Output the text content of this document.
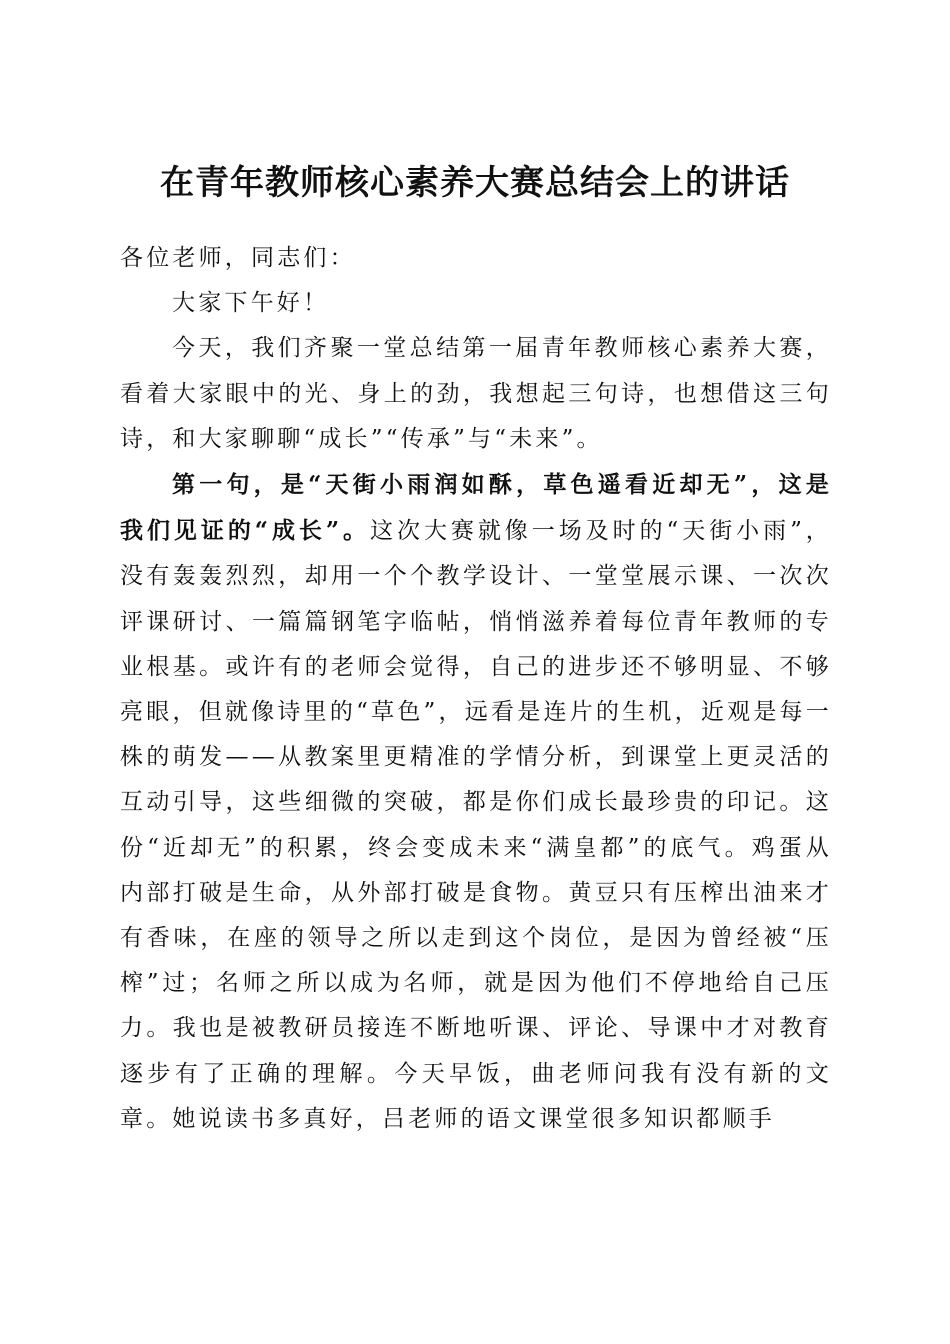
在青年教师核心素养大赛总结会上的讲话

各位老师，同志们：

大家下午好！

今天，我们齐聚一堂总结第一届青年教师核心素养大赛，看着大家眼中的光、身上的劲，我想起三句诗，也想借这三句诗，和大家聊聊“成长”“传承”与“未来”。

第一句，是“天街小雨润如酥，草色遥看近却无”，这是我们见证的“成长”。这次大赛就像一场及时的“天街小雨”，没有轰轰烈烈，却用一个个教学设计、一堂堂展示课、一次次评课研讨、一篇篇钢笔字临帖，悄悄滋养着每位青年教师的专业根基。或许有的老师会觉得，自己的进步还不够明显、不够亮眼，但就像诗里的“草色”，远看是连片的生机，近观是每一株的萌发——从教案里更精准的学情分析，到课堂上更灵活的互动引导，这些细微的突破，都是你们成长最珍贵的印记。这份“近却无”的积累，终会变成未来“满皇都”的底气。鸡蛋从内部打破是生命，从外部打破是食物。黄豆只有压榨出油来才有香味，在座的领导之所以走到这个岗位，是因为曾经被“压榨”过；名师之所以成为名师，就是因为他们不停地给自己压力。我也是被教研员接连不断地听课、评论、导课中才对教育逐步有了正确的理解。今天早饭，曲老师问我有没有新的文章。她说读书多真好，吕老师的语文课堂很多知识都顺手
